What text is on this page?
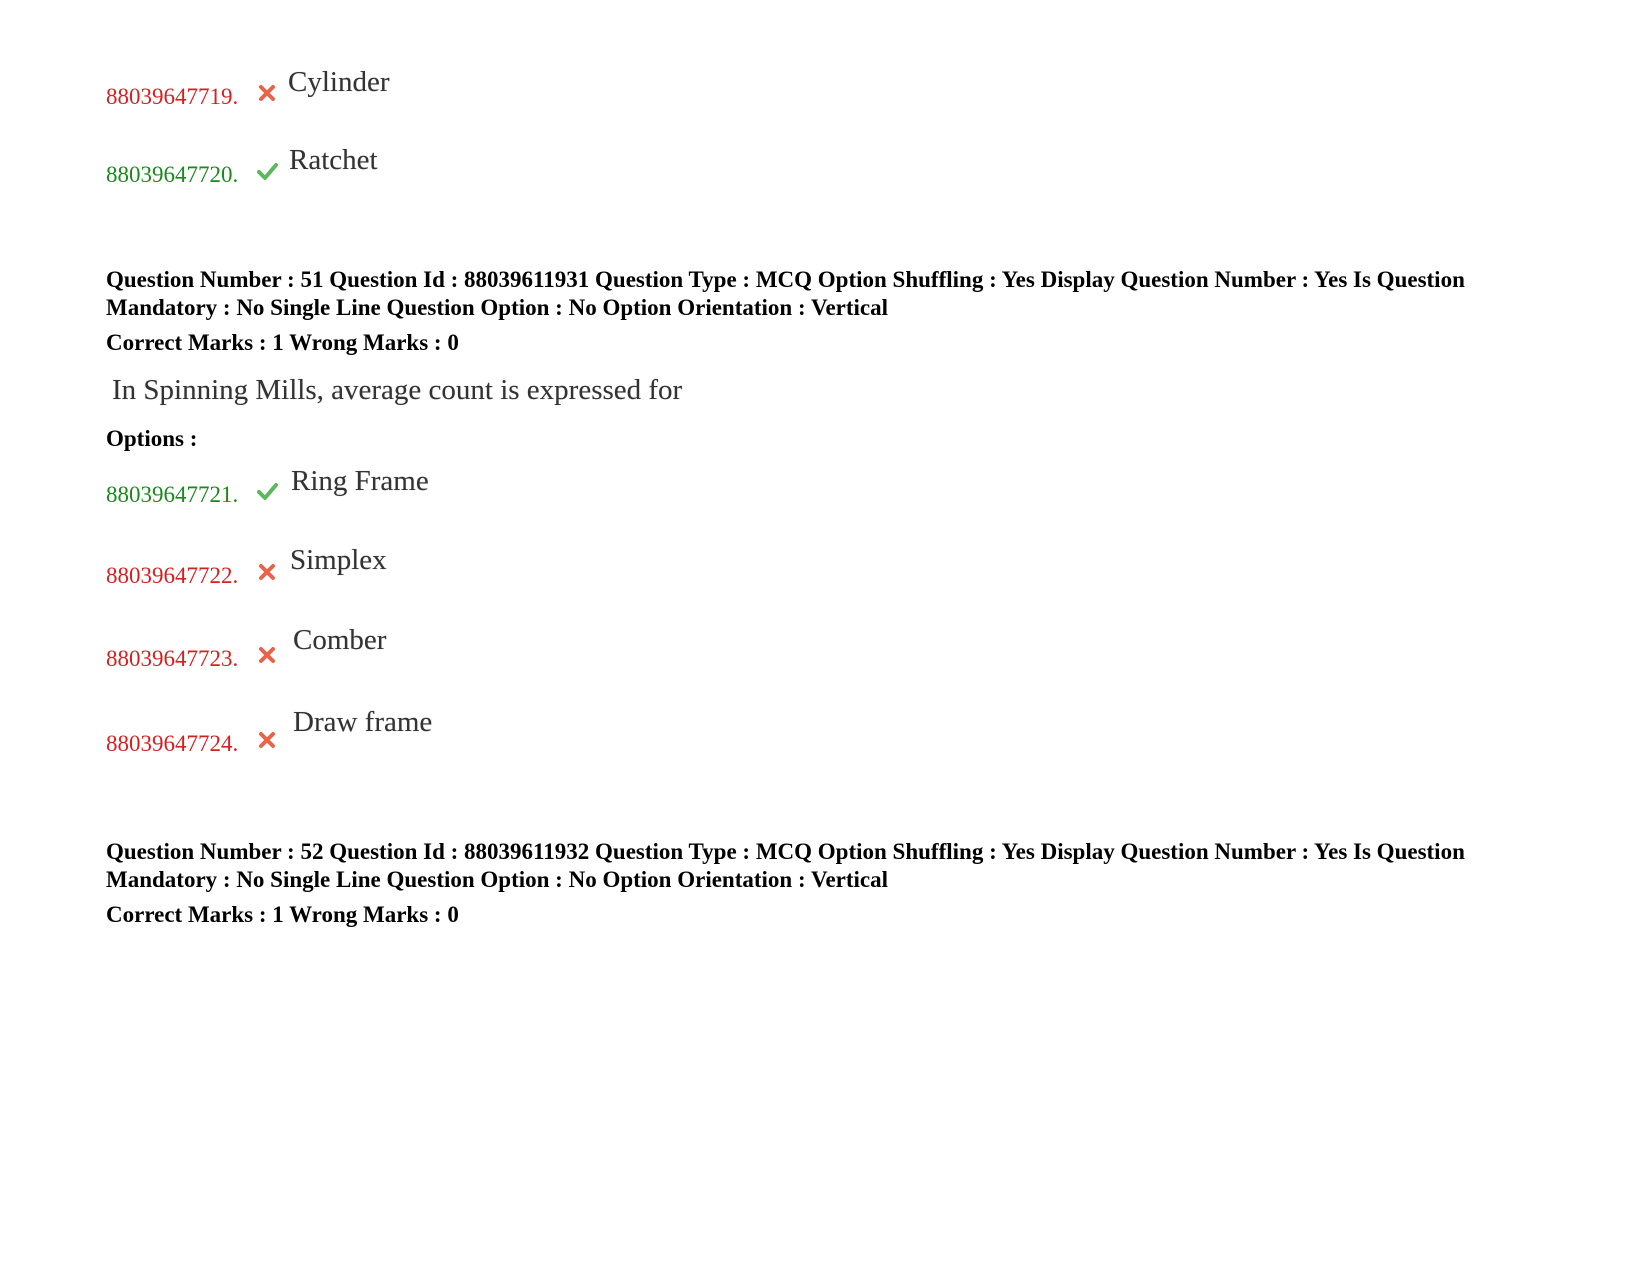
88039647719. Cylinder
88039647720. Ratchet
Question Number : 51 Question Id : 88039611931 Question Type : MCQ Option Shuffling : Yes Display Question Number : Yes Is Question Mandatory : No Single Line Question Option : No Option Orientation : Vertical
Correct Marks : 1 Wrong Marks : 0
In Spinning Mills, average count is expressed for
Options :
88039647721. Ring Frame
88039647722. Simplex
88039647723.
Comber
88039647724.
Draw frame
Question Number : 52 Question Id : 88039611932 Question Type : MCQ Option Shuffling : Yes Display Question Number : Yes Is Question Mandatory : No Single Line Question Option : No Option Orientation : Vertical
Correct Marks : 1 Wrong Marks : 0
